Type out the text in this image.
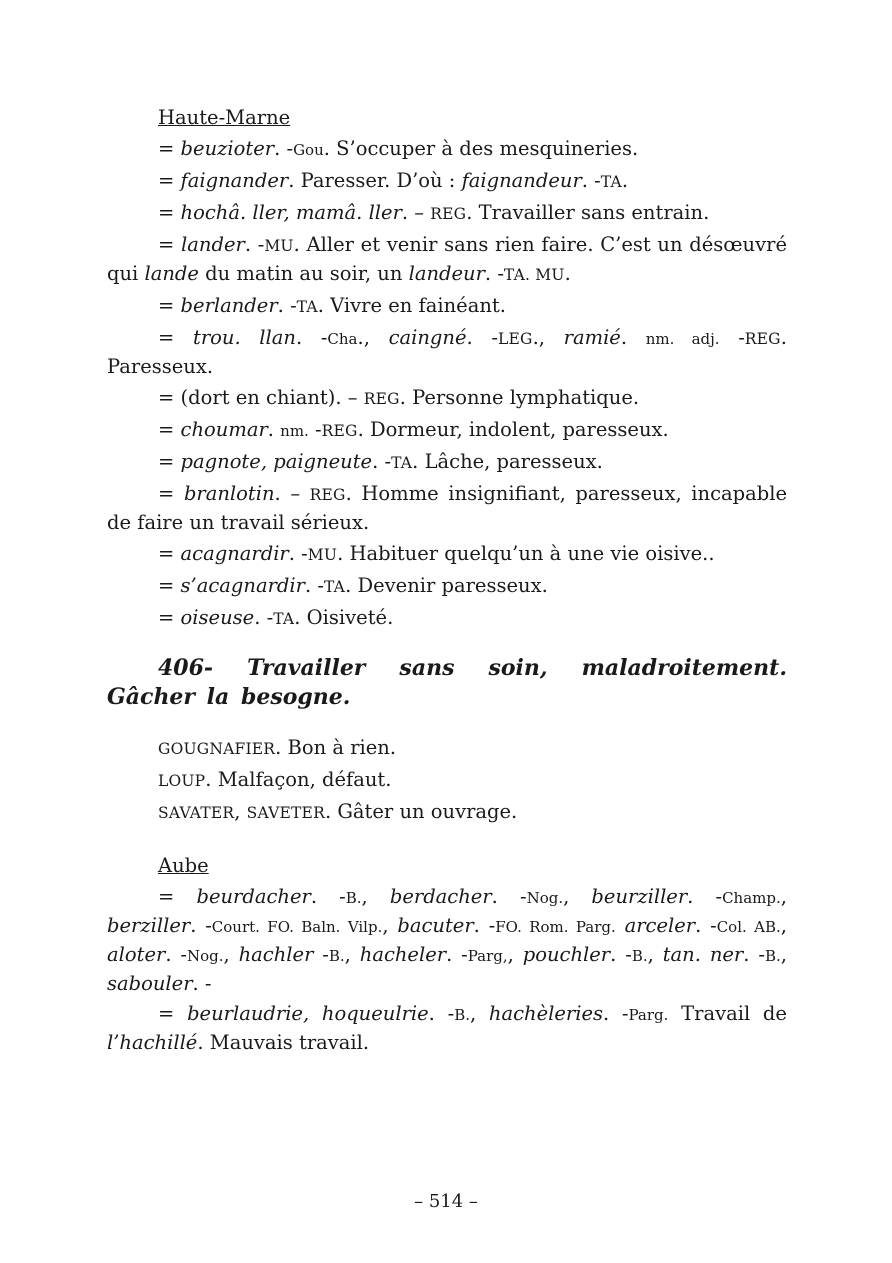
Haute-Marne

= beuzioter. -Gou. S’occuper à des mesquineries.

= faignander. Paresser. D’où : faignandeur. -TA.

= hochâ. ller, mamâ. ller. – REG. Travailler sans entrain.

= lander. -MU. Aller et venir sans rien faire. C’est un désœuvré qui lande du matin au soir, un landeur. -TA. MU.

= berlander. -TA. Vivre en fainéant.

= trou. llan. -Cha., caingné. -LEG., ramié. nm. adj. -REG. Paresseux.

= (dort en chiant). – REG. Personne lymphatique.

= choumar. nm. -REG. Dormeur, indolent, paresseux.

= pagnote, paigneute. -TA. Lâche, paresseux.

= branlotin. – REG. Homme insignifiant, paresseux, incapable de faire un travail sérieux.

= acagnardir. -MU. Habituer quelqu’un à une vie oisive..

= s’acagnardir. -TA. Devenir paresseux.

= oiseuse. -TA. Oisiveté.

406- Travailler sans soin, maladroitement. Gâcher la besogne.

GOUGNAFIER. Bon à rien.

LOUP. Malfaçon, défaut.

SAVATER, SAVETER. Gâter un ouvrage.

Aube

= beurdacher. -B., berdacher. -Nog., beurziller. -Champ., berziller. -Court. FO. Baln. Vilp., bacuter. -FO. Rom. Parg. arceler. -Col. AB., aloter. -Nog., hachler -B., hacheler. -Parg,, pouchler. -B., tan. ner. -B., sabouler. -

= beurlaudrie, hoqueulrie. -B., hachèleries. -Parg. Travail de l’hachillé. Mauvais travail.

– 514 –
